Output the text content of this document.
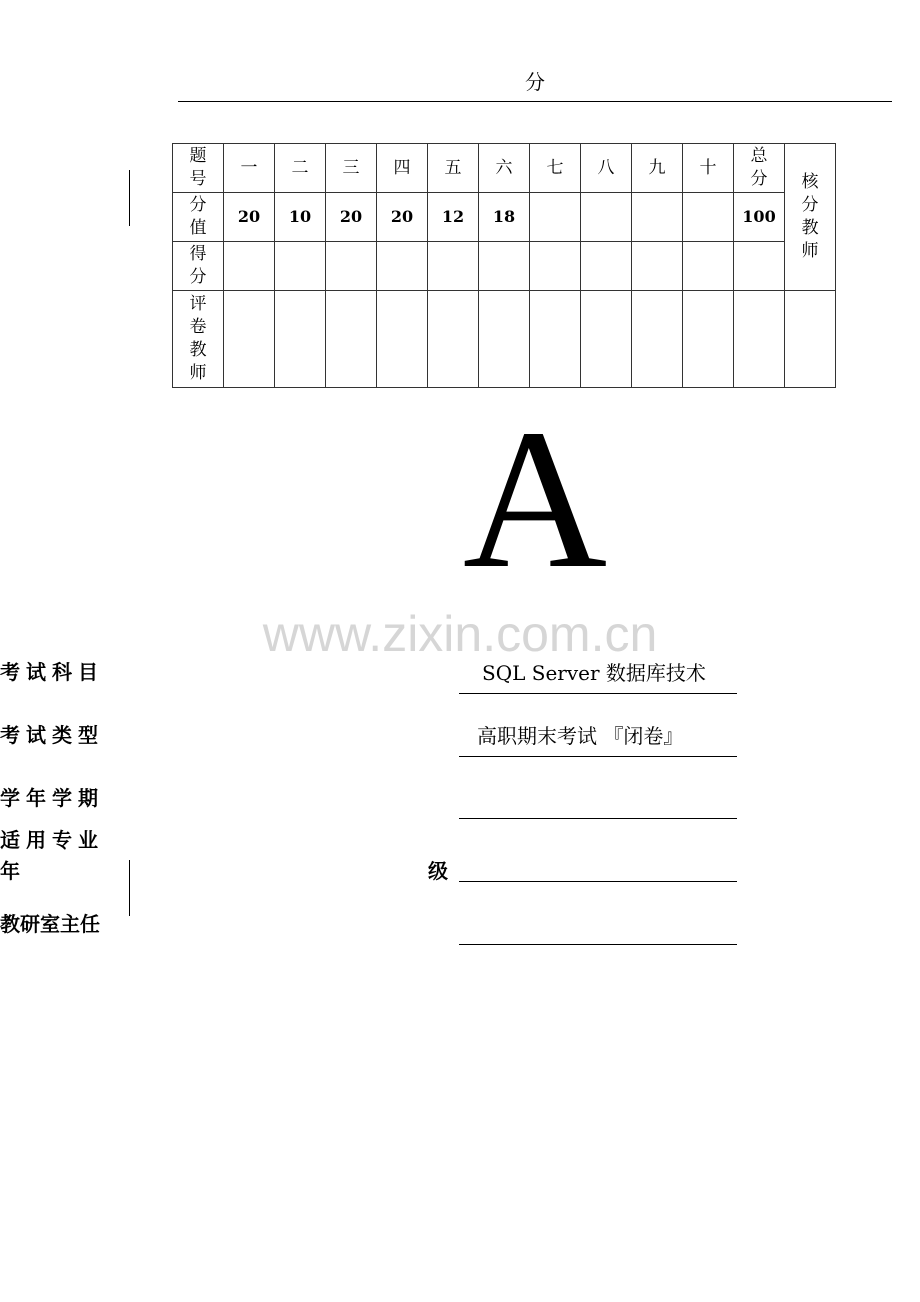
分
题号	一	二	三	四	五	六	七	八	九	十	总分	核分教师
分值	20	10	20	20	12	18					100	
得分												
评卷教师												
A
www.zixin.com.cn
考试科目	SQL Server 数据库技术
考试类型	高职期末考试 『闭卷』
学年学期
适用专业
年	级
教研室主任
